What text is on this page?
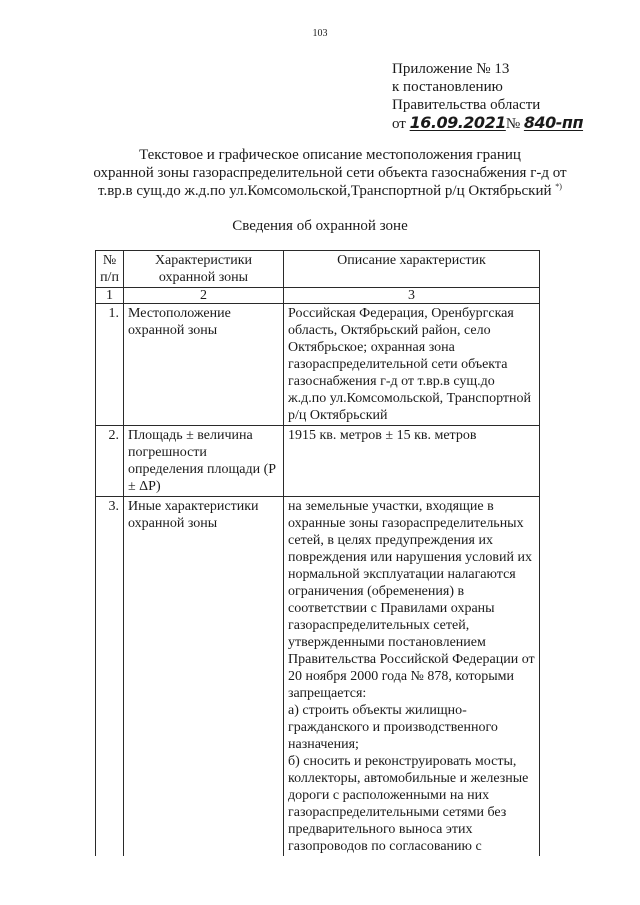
103
Приложение № 13
к постановлению
Правительства области
от 16.09.2021№ 840-пп
Текстовое и графическое описание местоположения границ
охранной зоны газораспределительной сети объекта газоснабжения г-д от
т.вр.в сущ.до ж.д.по ул.Комсомольской,Транспортной р/ц Октябрьский *)
Сведения об охранной зоне
№ п/п	Характеристики охранной зоны	Описание характеристик
1	2	3
1.	Местоположение охранной зоны	Российская Федерация, Оренбургская область, Октябрьский район, село Октябрьское; охранная зона газораспределительной сети объекта газоснабжения г-д от т.вр.в сущ.до ж.д.по ул.Комсомольской, Транспортной р/ц Октябрьский
2.	Площадь ± величина погрешности определения площади (P ± ΔP)	1915 кв. метров ± 15 кв. метров
3.	Иные характеристики охранной зоны	на земельные участки, входящие в охранные зоны газораспределительных сетей, в целях предупреждения их повреждения или нарушения условий их нормальной эксплуатации налагаются ограничения (обременения) в соответствии с Правилами охраны газораспределительных сетей, утвержденными постановлением Правительства Российской Федерации от 20 ноября 2000 года № 878, которыми запрещается:
а) строить объекты жилищно-гражданского и производственного назначения;
б) сносить и реконструировать мосты, коллекторы, автомобильные и железные дороги с расположенными на них газораспределительными сетями без предварительного выноса этих газопроводов по согласованию с
